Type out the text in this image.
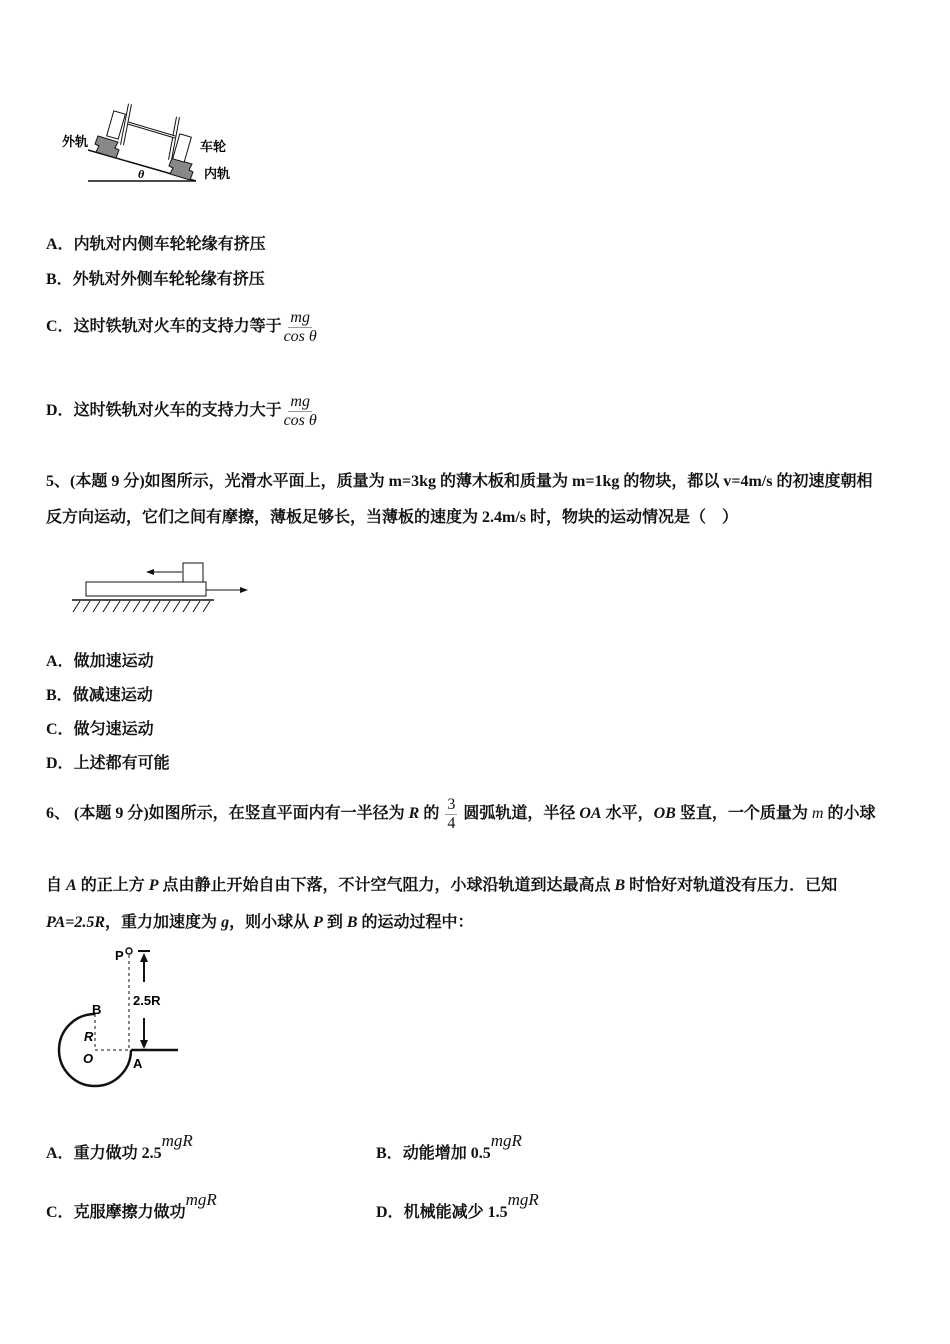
外轨	车轮
内轨
θ
A．内轨对内侧车轮轮缘有挤压
B．外轨对外侧车轮轮缘有挤压
C．这时铁轨对火车的支持力等于 $\frac{mg}{\text{cos θ}}$
D．这时铁轨对火车的支持力大于 $\frac{mg}{\text{cos θ}}$
5、(本题 9 分)如图所示，光滑水平面上，质量为 m=3kg 的薄木板和质量为 m=1kg 的物块，都以 v=4m/s 的初速度朝相
反方向运动，它们之间有摩擦，薄板足够长，当薄板的速度为 2.4m/s 时，物块的运动情况是（　）
A．做加速运动
B．做减速运动
C．做匀速运动
D．上述都有可能
6、 (本题 9 分)如图所示，在竖直平面内有一半径为 R 的 $\frac{3}{4}$ 圆弧轨道，半径 OA 水平，OB 竖直，一个质量为 m 的小球
自 A 的正上方 P 点由静止开始自由下落，不计空气阻力，小球沿轨道到达最高点 B 时恰好对轨道没有压力．已知
PA=2.5R，重力加速度为 g，则小球从 P 到 B 的运动过程中：
P
B
R
O	A
2.5R
A．重力做功 2.5mgR
B．动能增加 0.5mgR
C．克服摩擦力做功mgR
D．机械能减少 1.5mgR
